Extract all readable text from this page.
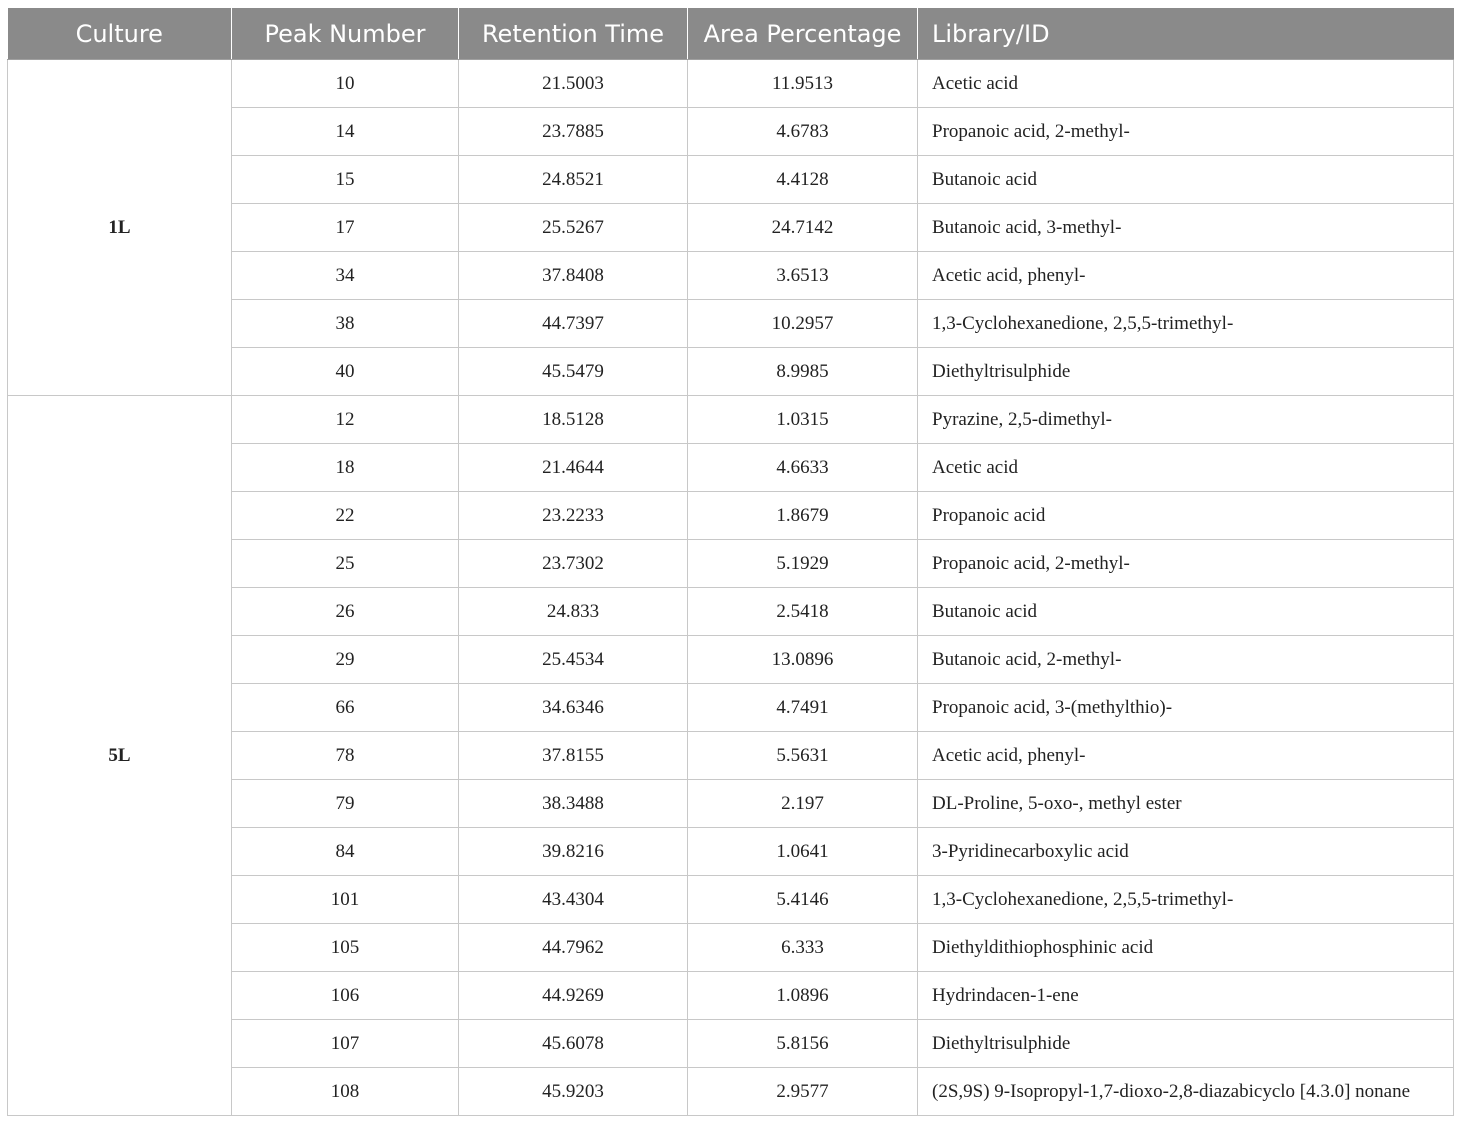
Culture	Peak Number	Retention Time	Area Percentage	Library/ID
1L	10	21.5003	11.9513	Acetic acid
	14	23.7885	4.6783	Propanoic acid, 2-methyl-
	15	24.8521	4.4128	Butanoic acid
	17	25.5267	24.7142	Butanoic acid, 3-methyl-
	34	37.8408	3.6513	Acetic acid, phenyl-
	38	44.7397	10.2957	1,3-Cyclohexanedione, 2,5,5-trimethyl-
	40	45.5479	8.9985	Diethyltrisulphide
5L	12	18.5128	1.0315	Pyrazine, 2,5-dimethyl-
	18	21.4644	4.6633	Acetic acid
	22	23.2233	1.8679	Propanoic acid
	25	23.7302	5.1929	Propanoic acid, 2-methyl-
	26	24.833	2.5418	Butanoic acid
	29	25.4534	13.0896	Butanoic acid, 2-methyl-
	66	34.6346	4.7491	Propanoic acid, 3-(methylthio)-
	78	37.8155	5.5631	Acetic acid, phenyl-
	79	38.3488	2.197	DL-Proline, 5-oxo-, methyl ester
	84	39.8216	1.0641	3-Pyridinecarboxylic acid
	101	43.4304	5.4146	1,3-Cyclohexanedione, 2,5,5-trimethyl-
	105	44.7962	6.333	Diethyldithiophosphinic acid
	106	44.9269	1.0896	Hydrindacen-1-ene
	107	45.6078	5.8156	Diethyltrisulphide
	108	45.9203	2.9577	(2S,9S) 9-Isopropyl-1,7-dioxo-2,8-diazabicyclo [4.3.0] nonane
